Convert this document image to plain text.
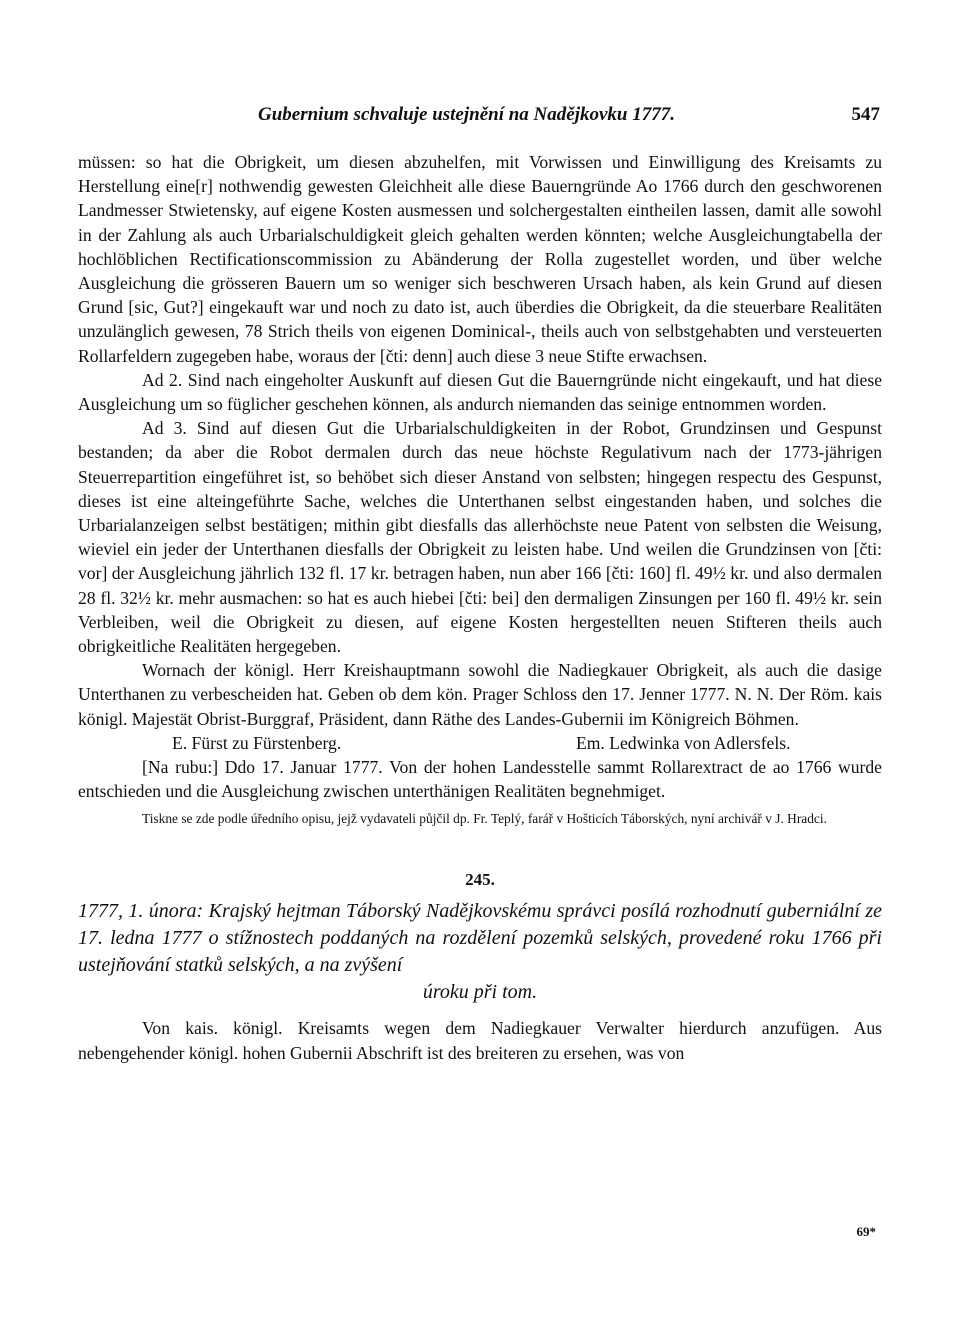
Gubernium schvaluje ustejnění na Nadějkovku 1777.	547

müssen: so hat die Obrigkeit, um diesen abzuhelfen, mit Vorwissen und Einwilligung des Kreisamts zu Herstellung eine[r] nothwendig gewesten Gleichheit alle diese Bauerngründe Ao 1766 durch den geschworenen Landmesser Stwietensky, auf eigene Kosten ausmessen und solchergestalten eintheilen lassen, damit alle sowohl in der Zahlung als auch Urbarialschuldigkeit gleich gehalten werden könnten; welche Ausgleichungtabella der hochlöblichen Rectificationscommission zu Abänderung der Rolla zugestellet worden, und über welche Ausgleichung die grösseren Bauern um so weniger sich beschweren Ursach haben, als kein Grund auf diesen Grund [sic, Gut?] eingekauft war und noch zu dato ist, auch überdies die Obrigkeit, da die steuerbare Realitäten unzulänglich gewesen, 78 Strich theils von eigenen Dominical-, theils auch von selbstgehabten und versteuerten Rollarfeldern zugegeben habe, woraus der [čti: denn] auch diese 3 neue Stifte erwachsen.

Ad 2. Sind nach eingeholter Auskunft auf diesen Gut die Bauerngründe nicht eingekauft, und hat diese Ausgleichung um so füglicher geschehen können, als andurch niemanden das seinige entnommen worden.

Ad 3. Sind auf diesen Gut die Urbarialschuldigkeiten in der Robot, Grundzinsen und Gespunst bestanden; da aber die Robot dermalen durch das neue höchste Regulativum nach der 1773-jährigen Steuerrepartition eingeführet ist, so behöbet sich dieser Anstand von selbsten; hingegen respectu des Gespunst, dieses ist eine alteingeführte Sache, welches die Unterthanen selbst eingestanden haben, und solches die Urbarialanzeigen selbst bestätigen; mithin gibt diesfalls das allerhöchste neue Patent von selbsten die Weisung, wieviel ein jeder der Unterthanen diesfalls der Obrigkeit zu leisten habe. Und weilen die Grundzinsen von [čti: vor] der Ausgleichung jährlich 132 fl. 17 kr. betragen haben, nun aber 166 [čti: 160] fl. 49½ kr. und also dermalen 28 fl. 32½ kr. mehr ausmachen: so hat es auch hiebei [čti: bei] den dermaligen Zinsungen per 160 fl. 49½ kr. sein Verbleiben, weil die Obrigkeit zu diesen, auf eigene Kosten hergestellten neuen Stifteren theils auch obrigkeitliche Realitäten hergegeben.

Wornach der königl. Herr Kreishauptmann sowohl die Nadiegkauer Obrigkeit, als auch die dasige Unterthanen zu verbescheiden hat. Geben ob dem kön. Prager Schloss den 17. Jenner 1777. N. N. Der Röm. kais königl. Majestät Obrist-Burggraf, Präsident, dann Räthe des Landes-Gubernii im Königreich Böhmen.

E. Fürst zu Fürstenberg.	Em. Ledwinka von Adlersfels.

[Na rubu:] Ddo 17. Januar 1777. Von der hohen Landesstelle sammt Rollarextract de ao 1766 wurde entschieden und die Ausgleichung zwischen unterthänigen Realitäten begnehmiget.

Tiskne se zde podle úředního opisu, jejž vydavateli půjčil dp. Fr. Teplý, farář v Hošticích Táborských, nyní archivář v J. Hradci.

245.

1777, 1. února: Krajský hejtman Táborský Nadějkovskému správci posílá rozhodnutí guberniální ze 17. ledna 1777 o stížnostech poddaných na rozdělení pozemků selských, provedené roku 1766 při ustejňování statků selských, a na zvýšení
úroku při tom.

Von kais. königl. Kreisamts wegen dem Nadiegkauer Verwalter hierdurch anzufügen. Aus nebengehender königl. hohen Gubernii Abschrift ist des breiteren zu ersehen, was von

69*
